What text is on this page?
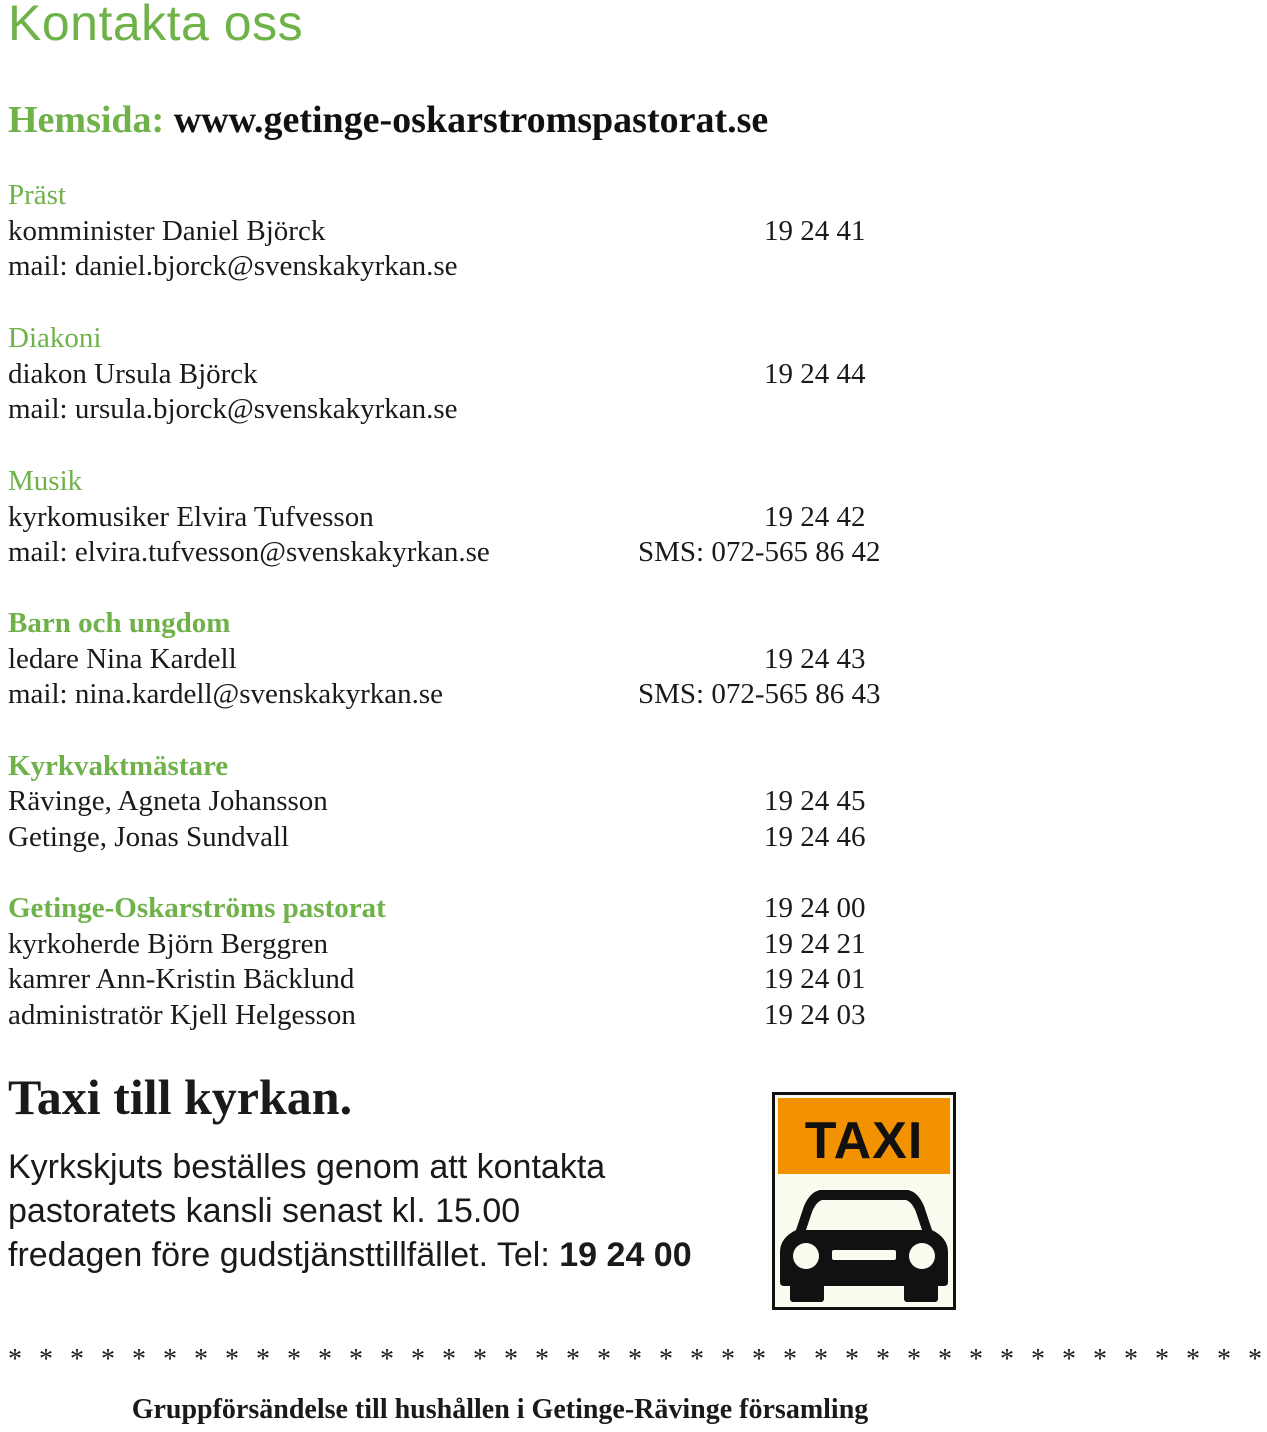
Kontakta oss
Hemsida: www.getinge-oskarstromspastorat.se
Präst
komminister Daniel Björck	19 24 41
mail: daniel.bjorck@svenskakyrkan.se
Diakoni
diakon Ursula Björck	19 24 44
mail: ursula.bjorck@svenskakyrkan.se
Musik
kyrkomusiker Elvira Tufvesson	19 24 42
mail: elvira.tufvesson@svenskakyrkan.se	SMS: 072-565 86 42
Barn och ungdom
ledare Nina Kardell	19 24 43
mail: nina.kardell@svenskakyrkan.se	SMS: 072-565 86 43
Kyrkvaktmästare
Rävinge, Agneta Johansson	19 24 45
Getinge, Jonas Sundvall	19 24 46
Getinge-Oskarströms pastorat	19 24 00
kyrkoherde Björn Berggren	19 24 21
kamrer Ann-Kristin Bäcklund	19 24 01
administratör Kjell Helgesson	19 24 03
Taxi till kyrkan.
Kyrkskjuts beställes genom att kontakta
pastoratets kansli senast kl. 15.00
fredagen före gudstjänsttillfället. Tel: 19 24 00
TAXI
* * * * * * * * * * * * * * * * * * * * * * * * * * * * * * * * * * * * * * * * *
Gruppförsändelse till hushållen i Getinge-Rävinge församling
